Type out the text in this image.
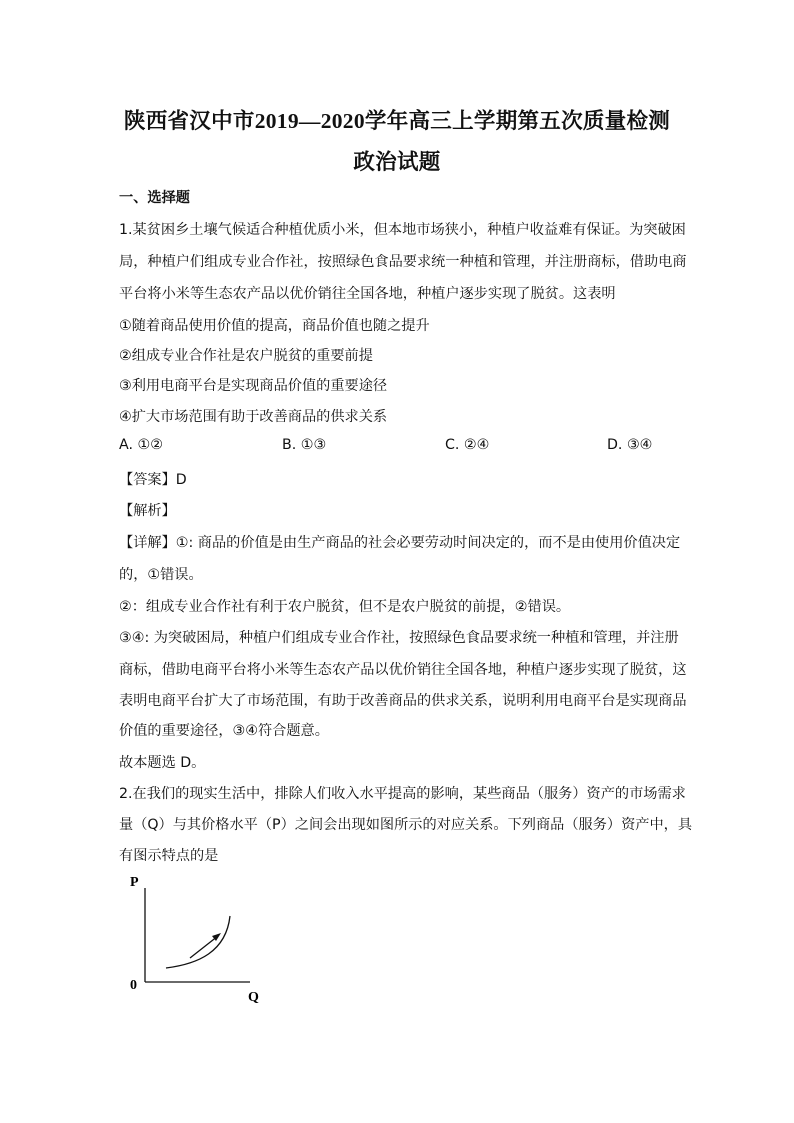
陕西省汉中市2019—2020学年高三上学期第五次质量检测
政治试题
一、选择题
1.某贫困乡土壤气候适合种植优质小米，但本地市场狭小，种植户收益难有保证。为突破困
局，种植户们组成专业合作社，按照绿色食品要求统一种植和管理，并注册商标，借助电商
平台将小米等生态农产品以优价销往全国各地，种植户逐步实现了脱贫。这表明
①随着商品使用价值的提高，商品价值也随之提升
②组成专业合作社是农户脱贫的重要前提
③利用电商平台是实现商品价值的重要途径
④扩大市场范围有助于改善商品的供求关系
A. ①②	B. ①③	C. ②④	D. ③④
【答案】D
【解析】
【详解】①: 商品的价值是由生产商品的社会必要劳动时间决定的，而不是由使用价值决定
的，①错误。
②：组成专业合作社有利于农户脱贫，但不是农户脱贫的前提，②错误。
③④: 为突破困局，种植户们组成专业合作社，按照绿色食品要求统一种植和管理，并注册
商标，借助电商平台将小米等生态农产品以优价销往全国各地，种植户逐步实现了脱贫，这
表明电商平台扩大了市场范围，有助于改善商品的供求关系，说明利用电商平台是实现商品
价值的重要途径，③④符合题意。
故本题选 D。
2.在我们的现实生活中，排除人们收入水平提高的影响，某些商品（服务）资产的市场需求
量（Q）与其价格水平（P）之间会出现如图所示的对应关系。下列商品（服务）资产中，具
有图示特点的是
P
0
Q
